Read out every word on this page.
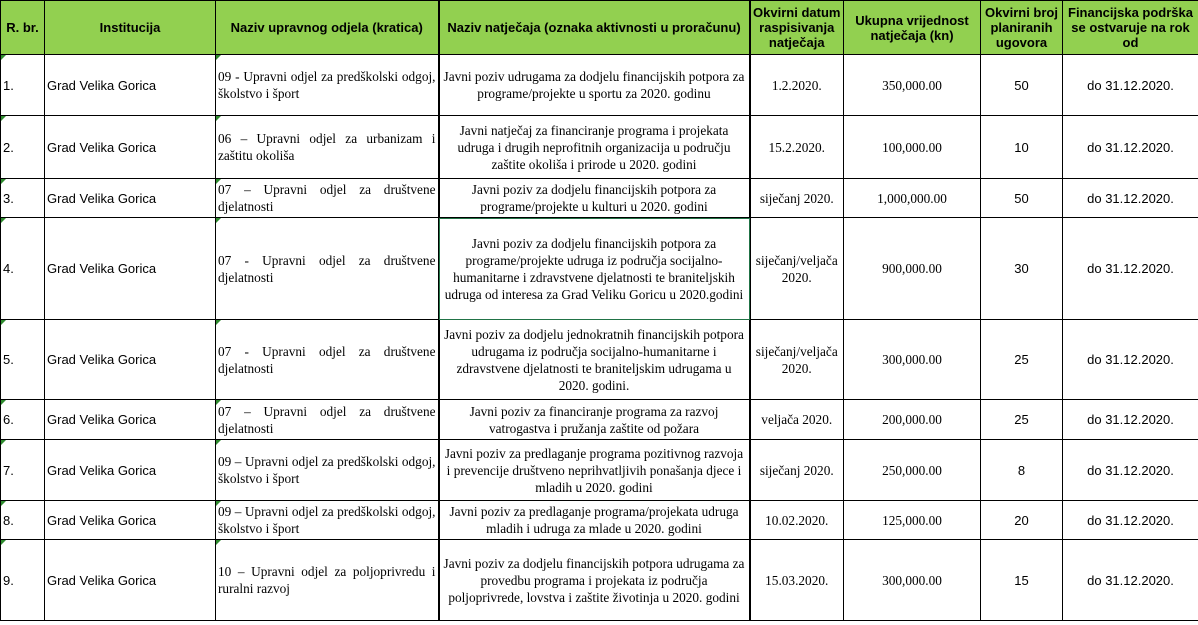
R. br.	Institucija	Naziv upravnog odjela (kratica)	Naziv natječaja (oznaka aktivnosti u proračunu)	Okvirni datum raspisivanja natječaja	Ukupna vrijednost natječaja (kn)	Okvirni broj planiranih ugovora	Financijska podrška se ostvaruje na rok od

1.	Grad Velika Gorica	09 - Upravni odjel za predškolski odgoj, školstvo i šport	Javni poziv udrugama za dodjelu financijskih potpora za programe/projekte u sportu za 2020. godinu	1.2.2020.	350,000.00	50	do 31.12.2020.

2.	Grad Velika Gorica	06 – Upravni odjel za urbanizam i zaštitu okoliša	Javni natječaj za financiranje programa i projekata udruga i drugih neprofitnih organizacija u području zaštite okoliša i prirode u 2020. godini	15.2.2020.	100,000.00	10	do 31.12.2020.

3.	Grad Velika Gorica	07 – Upravni odjel za društvene djelatnosti	Javni poziv za dodjelu financijskih potpora za programe/projekte u kulturi u 2020. godini	siječanj 2020.	1,000,000.00	50	do 31.12.2020.

4.	Grad Velika Gorica	07 - Upravni odjel za društvene djelatnosti	Javni poziv za dodjelu financijskih potpora za programe/projekte udruga iz područja socijalno-humanitarne i zdravstvene djelatnosti te braniteljskih udruga od interesa za Grad Veliku Goricu u 2020.godini	siječanj/veljača 2020.	900,000.00	30	do 31.12.2020.

5.	Grad Velika Gorica	07 - Upravni odjel za društvene djelatnosti	Javni poziv za dodjelu jednokratnih financijskih potpora udrugama iz područja socijalno-humanitarne i zdravstvene djelatnosti te braniteljskim udrugama u 2020. godini.	siječanj/veljača 2020.	300,000.00	25	do 31.12.2020.

6.	Grad Velika Gorica	07 – Upravni odjel za društvene djelatnosti	Javni poziv za financiranje programa za razvoj vatrogastva i pružanja zaštite od požara	veljača 2020.	200,000.00	25	do 31.12.2020.

7.	Grad Velika Gorica	09 – Upravni odjel za predškolski odgoj, školstvo i šport	Javni poziv za predlaganje programa pozitivnog razvoja i prevencije društveno neprihvatljivih ponašanja djece i mladih u 2020. godini	siječanj 2020.	250,000.00	8	do 31.12.2020.

8.	Grad Velika Gorica	09 – Upravni odjel za predškolski odgoj, školstvo i šport	Javni poziv za predlaganje programa/projekata udruga mladih i udruga za mlade u 2020. godini	10.02.2020.	125,000.00	20	do 31.12.2020.

9.	Grad Velika Gorica	10 – Upravni odjel za poljoprivredu i ruralni razvoj	Javni poziv za dodjelu financijskih potpora udrugama za provedbu programa i projekata iz područja poljoprivrede, lovstva i zaštite životinja u 2020. godini	15.03.2020.	300,000.00	15	do 31.12.2020.
